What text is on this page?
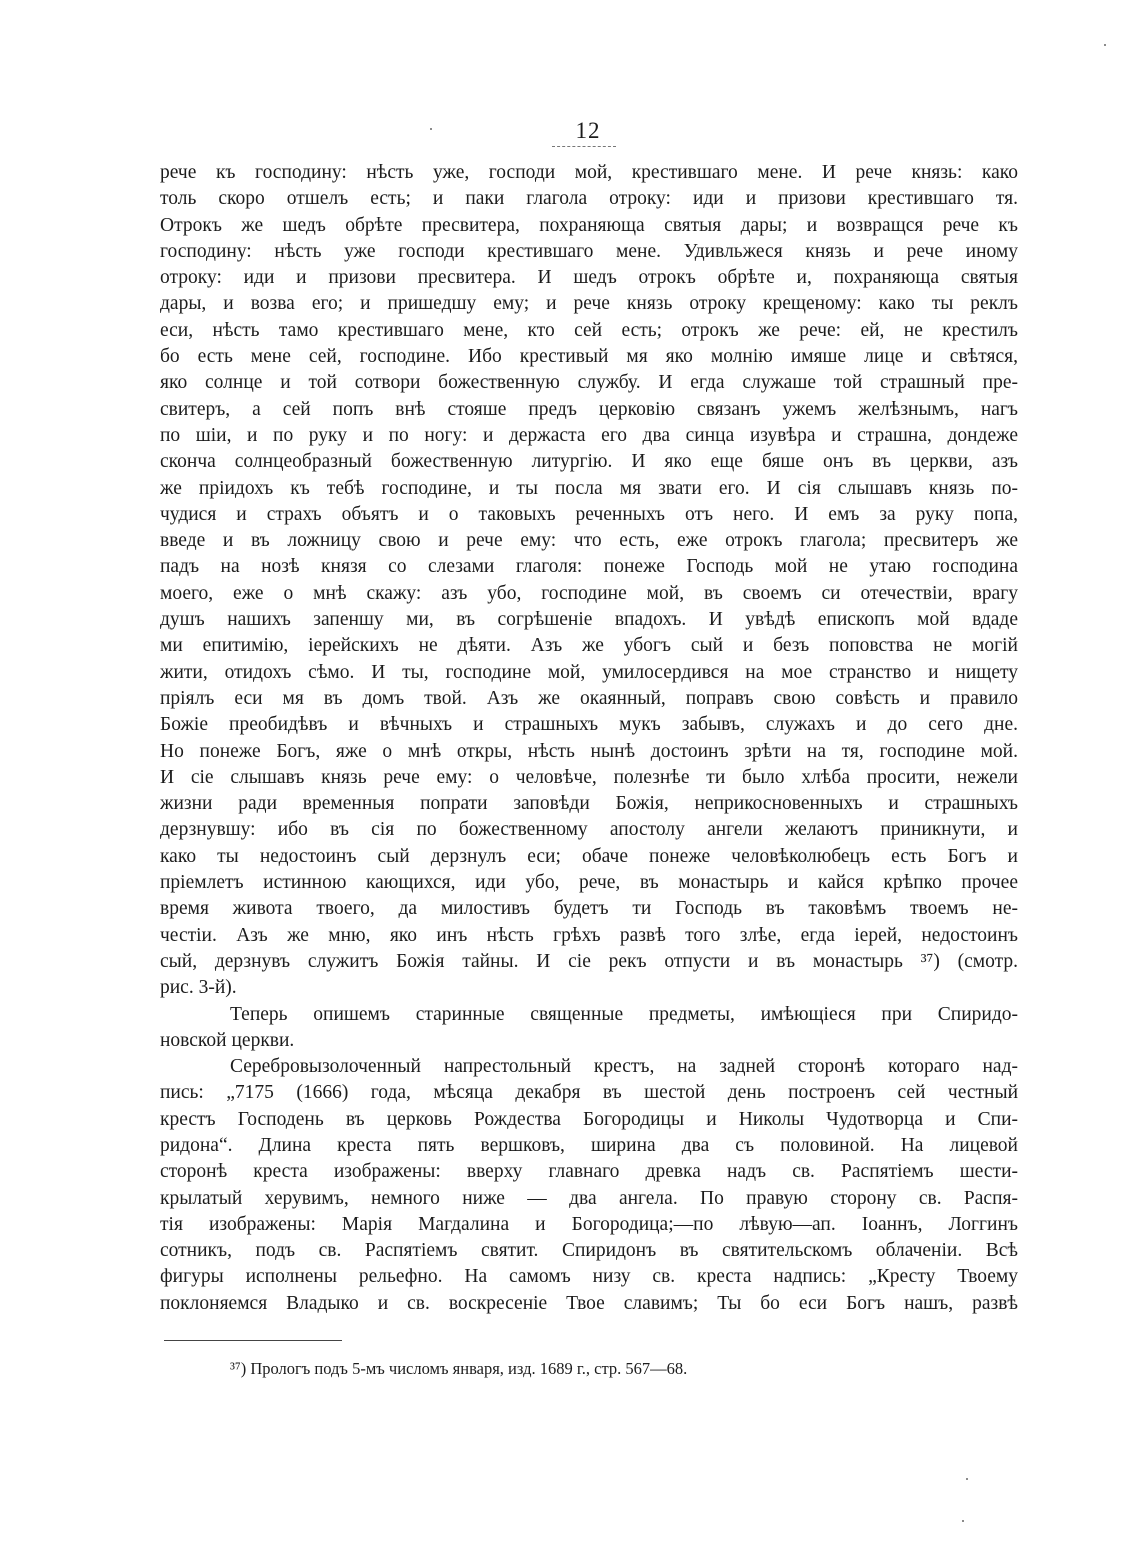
12
рече къ господину: нѣсть уже, господи мой, крестившаго мене. И рече князь: како
толь скоро отшелъ есть; и паки глагола отроку: иди и призови крестившаго тя.
Отрокъ же шедъ обрѣте пресвитера, похраняюща святыя дары; и возвращся рече къ
господину: нѣсть уже господи крестившаго мене. Удивльжеся князь и рече иному
отроку: иди и призови пресвитера. И шедъ отрокъ обрѣте и, похраняюща святыя
дары, и возва его; и пришедшу ему; и рече князь отроку крещеному: како ты реклъ
еси, нѣсть тамо крестившаго мене, кто сей есть; отрокъ же рече: ей, не крестилъ
бо есть мене сей, господине. Ибо крестивый мя яко молнію имяше лице и свѣтяся,
яко солнце и той сотвори божественную службу. И егда служаше той страшный пре-
свитеръ, а сей попъ внѣ стояше предъ церковію связанъ ужемъ желѣзнымъ, нагъ
по шіи, и по руку и по ногу: и держаста его два синца изувѣра и страшна, дондеже
скончa солнцеобразный божественную литургію. И яко еще бяше онъ въ церкви, азъ
же пріидохъ къ тебѣ господине, и ты посла мя звати его. И сія слышавъ князь по-
чудися и страхъ объятъ и о таковыхъ реченныхъ отъ него. И емъ за руку попа,
введе и въ ложницу свою и рече ему: что есть, еже отрокъ глагола; пресвитеръ же
падъ на нозѣ князя со слезами глаголя: понеже Господь мой не утаю господина
моего, еже о мнѣ скажу: азъ убо, господине мой, въ своемъ си отечествіи, врагу
душъ нашихъ запеншу ми, въ согрѣшеніе впадохъ. И увѣдѣ епископъ мой вдаде
ми епитимію, іерейскихъ не дѣяти. Азъ же убогъ сый и безъ поповства не могій
жити, отидохъ сѣмо. И ты, господине мой, умилосердився на мое странство и нищету
пріялъ еси мя въ домъ твой. Азъ же окаянный, поправъ свою совѣсть и правило
Божіе преобидѣвъ и вѣчныхъ и страшныхъ мукъ забывъ, служахъ и до сего дне.
Но понеже Богъ, яже о мнѣ откры, нѣсть нынѣ достоинъ зрѣти на тя, господине мой.
И сіе слышавъ князь рече ему: о человѣче, полезнѣе ти было хлѣба просити, нежели
жизни ради временныя попрати заповѣди Божія, неприкосновенныхъ и страшныхъ
дерзнувшу: ибо въ сія по божественному апостолу ангели желаютъ приникнути, и
како ты недостоинъ сый дерзнулъ еси; обаче понеже человѣколюбецъ есть Богъ и
пріемлетъ истинною кающихся, иди убо, рече, въ монастырь и кайся крѣпко прочее
время живота твоего, да милостивъ будетъ ти Господь въ таковѣмъ твоемъ не-
честіи. Азъ же мню, яко инъ нѣсть грѣхъ развѣ того злѣе, егда іерей, недостоинъ
сый, дерзнувъ служитъ Божія тайны. И сіе рекъ отпусти и въ монастырь ³⁷) (смотр.
рис. 3-й).
Теперь опишемъ старинные священные предметы, имѣющіеся при Спиридо-
новской церкви.
Серебровызолоченный напрестольный крестъ, на задней сторонѣ котораго над-
пись: „7175 (1666) года, мѣсяца декабря въ шестой день построенъ сей честный
крестъ Господень въ церковь Рождества Богородицы и Николы Чудотворца и Спи-
ридона“. Длина креста пять вершковъ, ширина два съ половиной. На лицевой
сторонѣ креста изображены: вверху главнаго древка надъ св. Распятіемъ шести-
крылатый херувимъ, немного ниже — два ангела. По правую сторону св. Распя-
тія изображены: Марія Магдалина и Богородица;—по лѣвую—ап. Іоаннъ, Логгинъ
сотникъ, подъ св. Распятіемъ святит. Спиридонъ въ святительскомъ облаченіи. Всѣ
фигуры исполнены рельефно. На самомъ низу св. креста надпись: „Кресту Твоему
поклоняемся Владыко и св. воскресеніе Твое славимъ; Ты бо еси Богъ нашъ, развѣ
³⁷) Прологъ подъ 5-мъ числомъ января, изд. 1689 г., стр. 567—68.
